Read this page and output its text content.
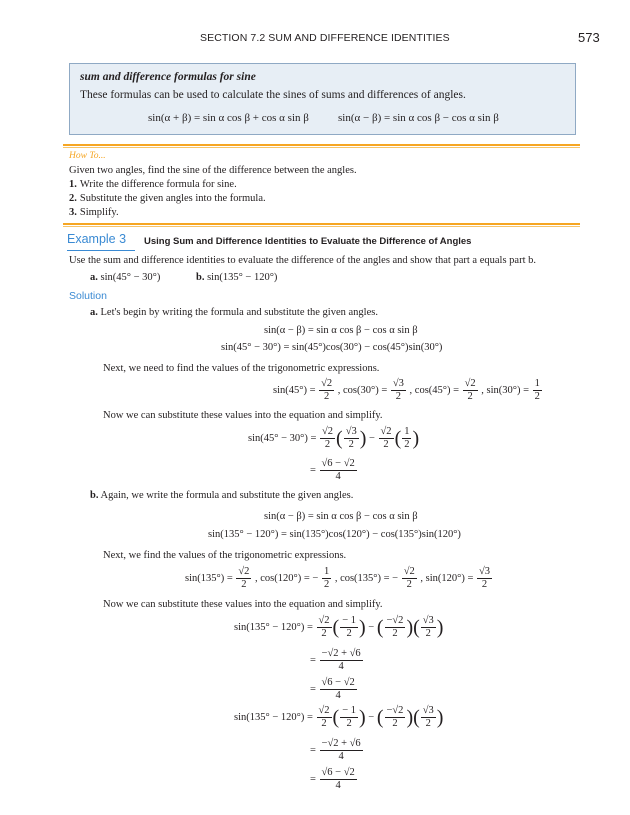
SECTION 7.2 SUM AND DIFFERENCE IDENTITIES	573
sum and difference formulas for sine
These formulas can be used to calculate the sines of sums and differences of angles.
sin(α + β) = sin α cos β + cos α sin β	sin(α − β) = sin α cos β − cos α sin β
How To...
Given two angles, find the sine of the difference between the angles.
1. Write the difference formula for sine.
2. Substitute the given angles into the formula.
3. Simplify.
Example 3 Using Sum and Difference Identities to Evaluate the Difference of Angles
Use the sum and difference identities to evaluate the difference of the angles and show that part a equals part b.
a. sin(45° − 30°)	b. sin(135° − 120°)
Solution
a. Let's begin by writing the formula and substitute the given angles.
sin(α − β) = sin α cos β − cos α sin β
sin(45° − 30°) = sin(45°)cos(30°) − cos(45°)sin(30°)
Next, we need to find the values of the trigonometric expressions.
$\sin(45^\circ) = \frac{√2}{2}$ , $\cos(30^\circ) = \frac{√3}{2}$ , $\cos(45^\circ) = \frac{√2}{2}$ , $\sin(30^\circ) = \frac{1}{2}$
Now we can substitute these values into the equation and simplify.
$\sin(45^\circ - 30^\circ) = \frac{√2}{2}$ ( $\frac{√3}{2}$ ) − $\frac{√2}{2}$ ( $\frac{1}{2}$ )
= $\frac{√6 - √2}{4}$
b. Again, we write the formula and substitute the given angles.
sin(α − β) = sin α cos β − cos α sin β
sin(135° − 120°) = sin(135°)cos(120°) − cos(135°)sin(120°)
Next, we find the values of the trigonometric expressions.
$\sin(135^\circ) = \frac{√2}{2}$ , cos(120°) = − $\frac{1}{2}$ , cos(135°) = − $\frac{√2}{2}$ , $\sin(120^\circ) = \frac{√3}{2}$
Now we can substitute these values into the equation and simplify.
$\sin(135^\circ - 120^\circ) = \frac{√2}{2}$ ( $\frac{- 1}{2}$ ) − ( $\frac{-√2}{2}$ )( $\frac{√3}{2}$ )
= $\frac{-√2 + √6}{4}$
= $\frac{√6 - √2}{4}$
$\sin(135^\circ - 120^\circ) = \frac{√2}{2}$ ( $\frac{- 1}{2}$ ) − ( $\frac{-√2}{2}$ )( $\frac{√3}{2}$ )
= $\frac{-√2 + √6}{4}$
= $\frac{√6 - √2}{4}$
